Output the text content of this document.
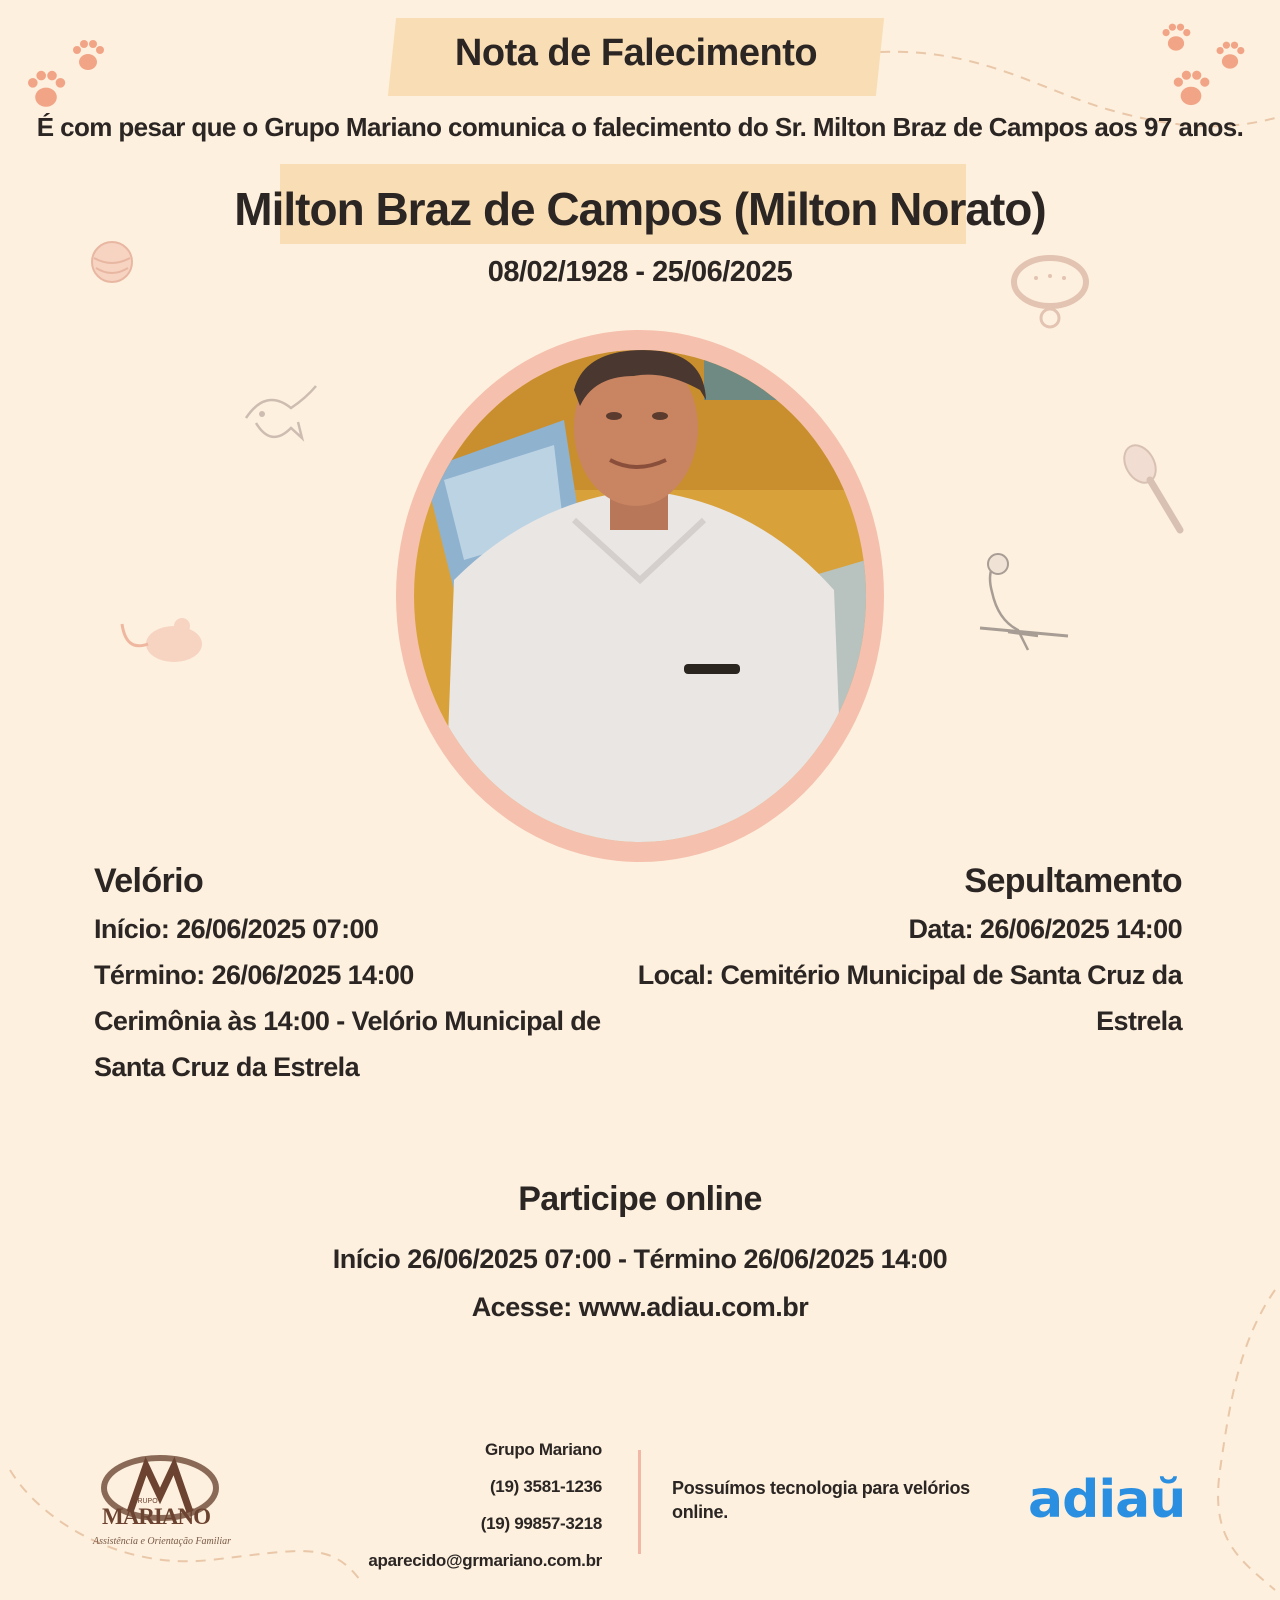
Nota de Falecimento
É com pesar que o Grupo Mariano comunica o falecimento do Sr. Milton Braz de Campos aos 97 anos.
Milton Braz de Campos (Milton Norato)
08/02/1928 - 25/06/2025
Velório
Início: 26/06/2025 07:00
Término: 26/06/2025 14:00
Cerimônia às 14:00 - Velório Municipal de
Santa Cruz da Estrela
Sepultamento
Data: 26/06/2025 14:00
Local: Cemitério Municipal de Santa Cruz da
Estrela
Participe online
Início 26/06/2025 07:00 - Término 26/06/2025 14:00
Acesse: www.adiau.com.br
GRUPO
MARIANO
Assistência e Orientação Familiar
Grupo Mariano
(19) 3581-1236
(19) 99857-3218
aparecido@grmariano.com.br
Possuímos tecnologia para velórios online.	adiaŭ
